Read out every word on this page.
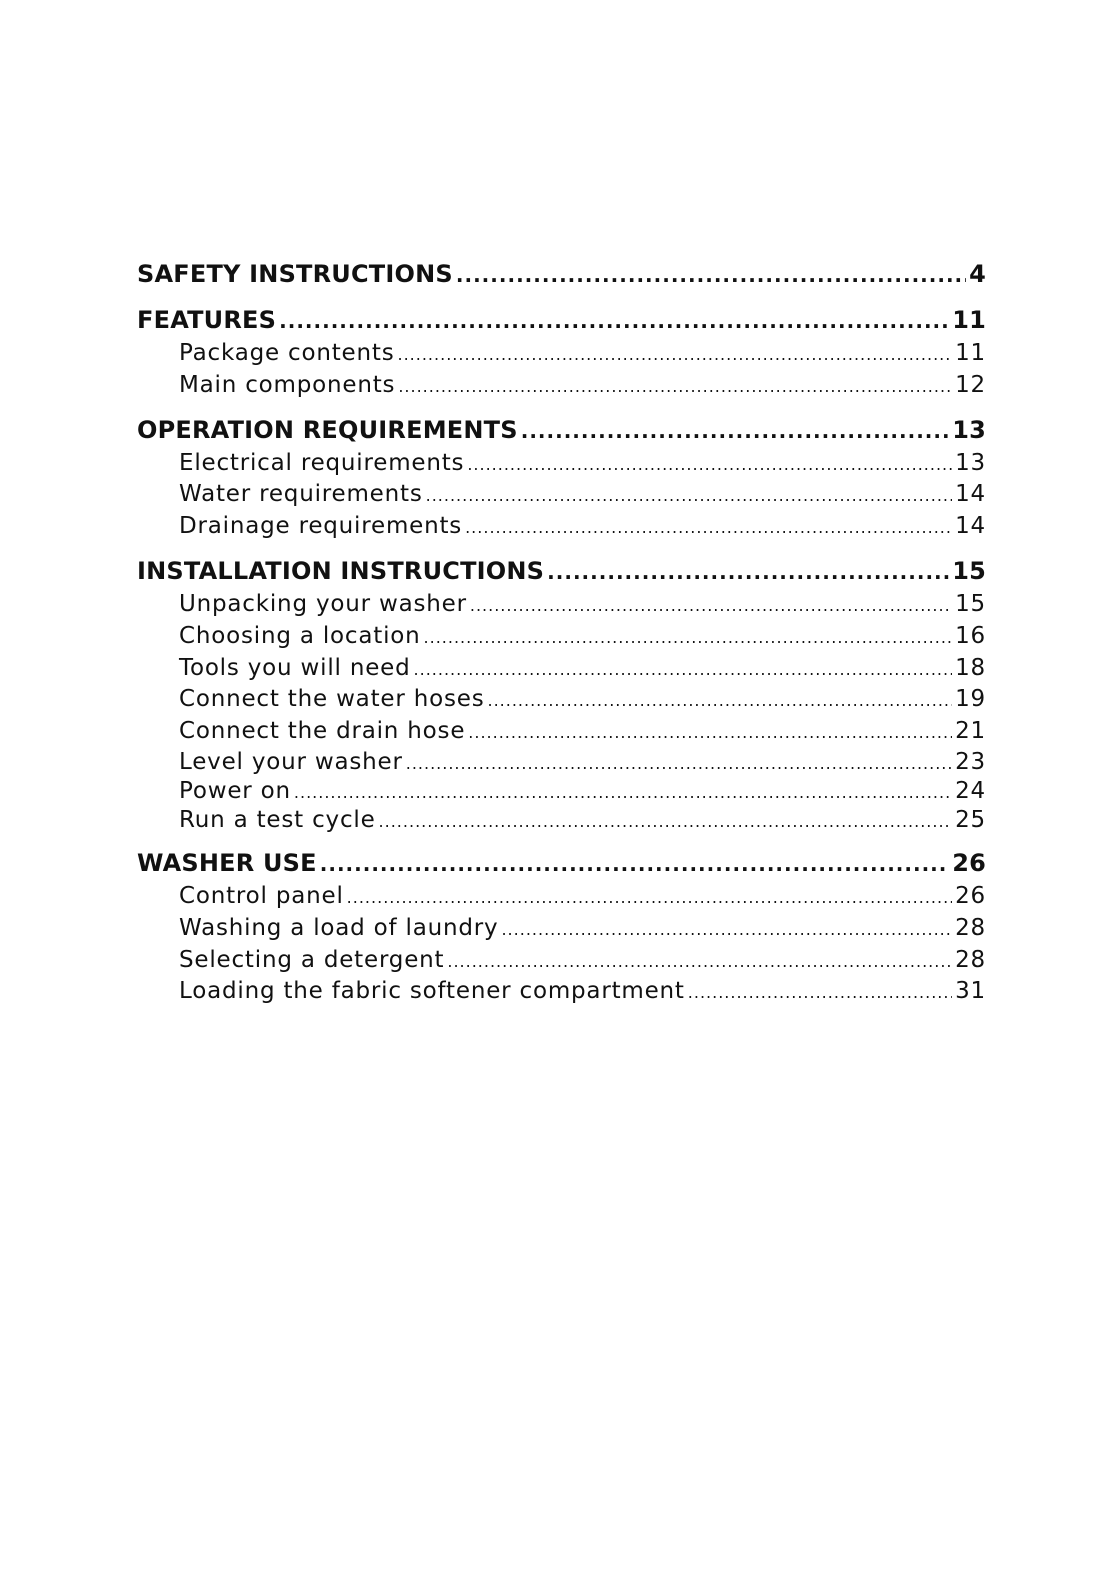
SAFETY INSTRUCTIONS .....	4
FEATURES .....	11
Package contents .....	11
Main components .....	12
OPERATION REQUIREMENTS .....	13
Electrical requirements .....	13
Water requirements .....	14
Drainage requirements .....	14
INSTALLATION INSTRUCTIONS .....	15
Unpacking your washer .....	15
Choosing a location .....	16
Tools you will need .....	18
Connect the water hoses .....	19
Connect the drain hose .....	21
Level your washer .....	23
Power on .....	24
Run a test cycle .....	25
WASHER USE .....	26
Control panel .....	26
Washing a load of laundry .....	28
Selecting a detergent .....	28
Loading the fabric softener compartment .....	31
